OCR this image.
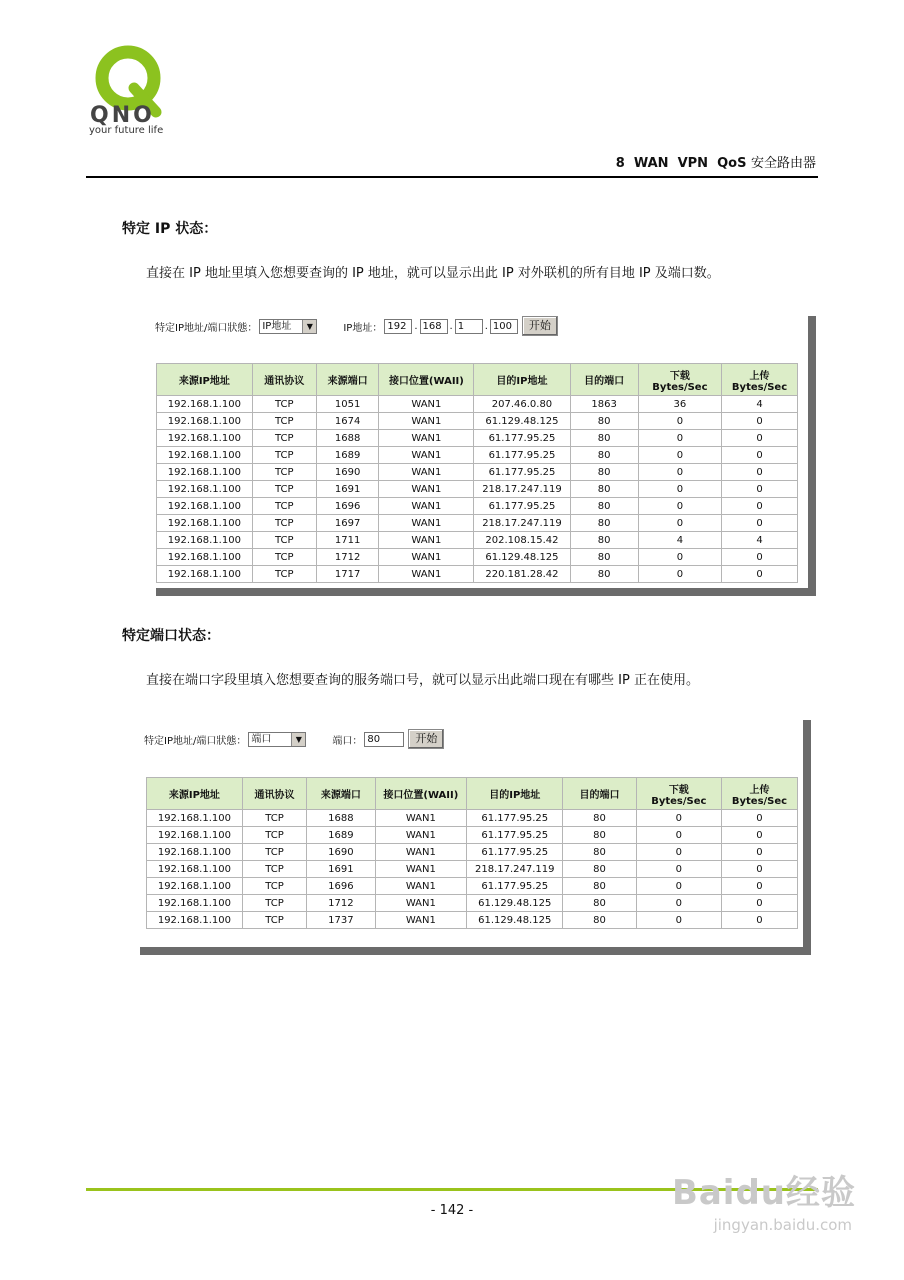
QNO
your future life
8  WAN  VPN  QoS 安全路由器
特定 IP 状态：
直接在 IP 地址里填入您想要查询的 IP 地址，就可以显示出此 IP 对外联机的所有目地 IP 及端口数。
特定IP地址/端口狀態： IP地址	▼	IP地址： 192 . 168 . 1	. 100	开始
来源IP地址	通讯协议	来源端口	接口位置(WAII)	目的IP地址	目的端口	下载
Bytes/Sec	上传
Bytes/Sec
192.168.1.100	TCP	1051	WAN1	207.46.0.80	1863	36	4
192.168.1.100	TCP	1674	WAN1	61.129.48.125	80	0	0
192.168.1.100	TCP	1688	WAN1	61.177.95.25	80	0	0
192.168.1.100	TCP	1689	WAN1	61.177.95.25	80	0	0
192.168.1.100	TCP	1690	WAN1	61.177.95.25	80	0	0
192.168.1.100	TCP	1691	WAN1	218.17.247.119	80	0	0
192.168.1.100	TCP	1696	WAN1	61.177.95.25	80	0	0
192.168.1.100	TCP	1697	WAN1	218.17.247.119	80	0	0
192.168.1.100	TCP	1711	WAN1	202.108.15.42	80	4	4
192.168.1.100	TCP	1712	WAN1	61.129.48.125	80	0	0
192.168.1.100	TCP	1717	WAN1	220.181.28.42	80	0	0
特定端口状态：
直接在端口字段里填入您想要查询的服务端口号，就可以显示出此端口现在有哪些 IP 正在使用。
特定IP地址/端口狀態： 端口	▼	端口： 80	开始
来源IP地址	通讯协议	来源端口	接口位置(WAII)	目的IP地址	目的端口	下载
Bytes/Sec	上传
Bytes/Sec
192.168.1.100	TCP	1688	WAN1	61.177.95.25	80	0	0
192.168.1.100	TCP	1689	WAN1	61.177.95.25	80	0	0
192.168.1.100	TCP	1690	WAN1	61.177.95.25	80	0	0
192.168.1.100	TCP	1691	WAN1	218.17.247.119	80	0	0
192.168.1.100	TCP	1696	WAN1	61.177.95.25	80	0	0
192.168.1.100	TCP	1712	WAN1	61.129.48.125	80	0	0
192.168.1.100	TCP	1737	WAN1	61.129.48.125	80	0	0
- 142 -	Baidu经验
jingyan.baidu.com
